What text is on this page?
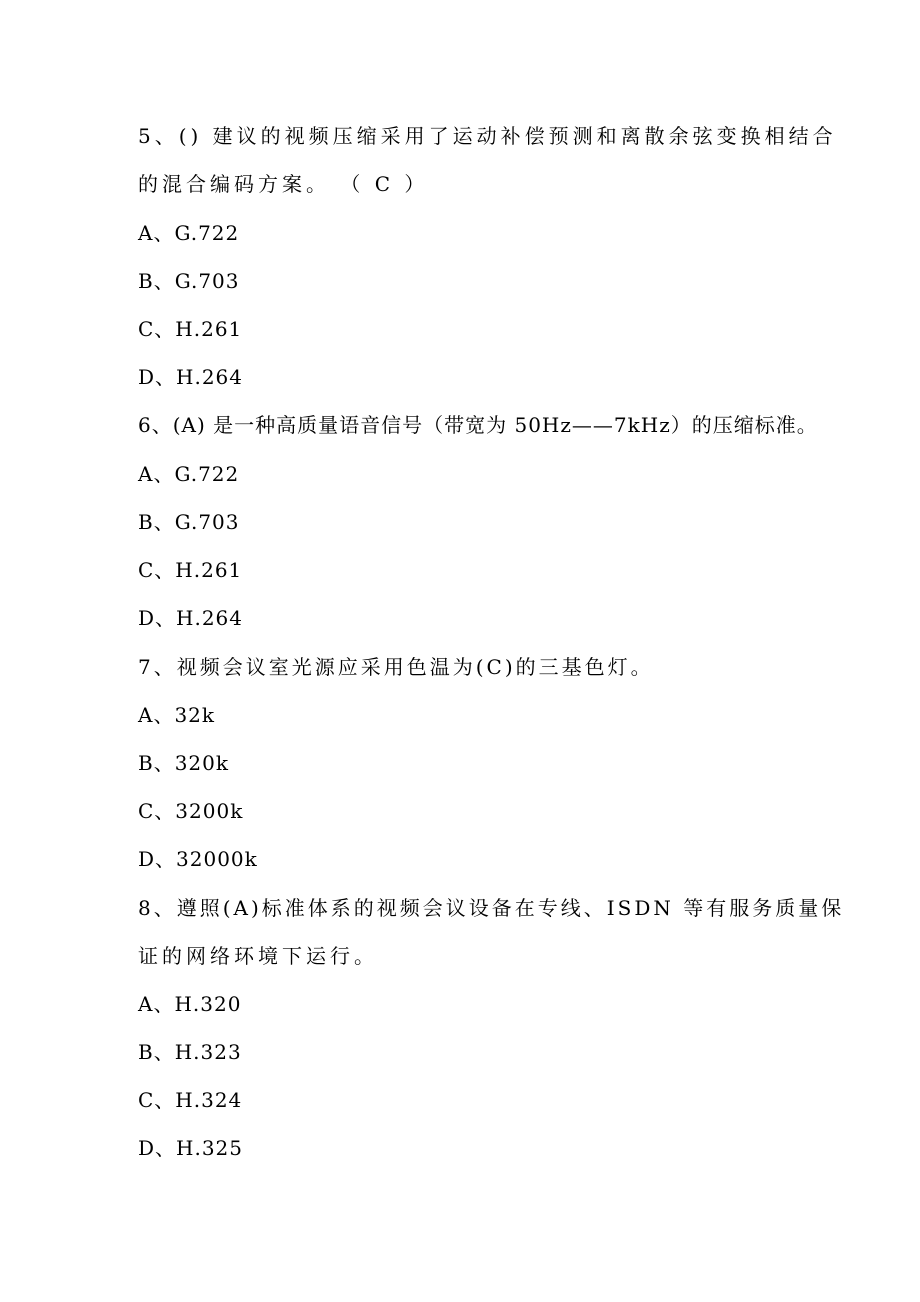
5、() 建议的视频压缩采用了运动补偿预测和离散余弦变换相结合
的混合编码方案。 （ C ）
A、G.722
B、G.703
C、H.261
D、H.264
6、(A) 是一种高质量语音信号（带宽为 50Hz——7kHz）的压缩标准。
A、G.722
B、G.703
C、H.261
D、H.264
7、视频会议室光源应采用色温为(C)的三基色灯。
A、32k
B、320k
C、3200k
D、32000k
8、遵照(A)标准体系的视频会议设备在专线、ISDN 等有服务质量保
证的网络环境下运行。
A、H.320
B、H.323
C、H.324
D、H.325
